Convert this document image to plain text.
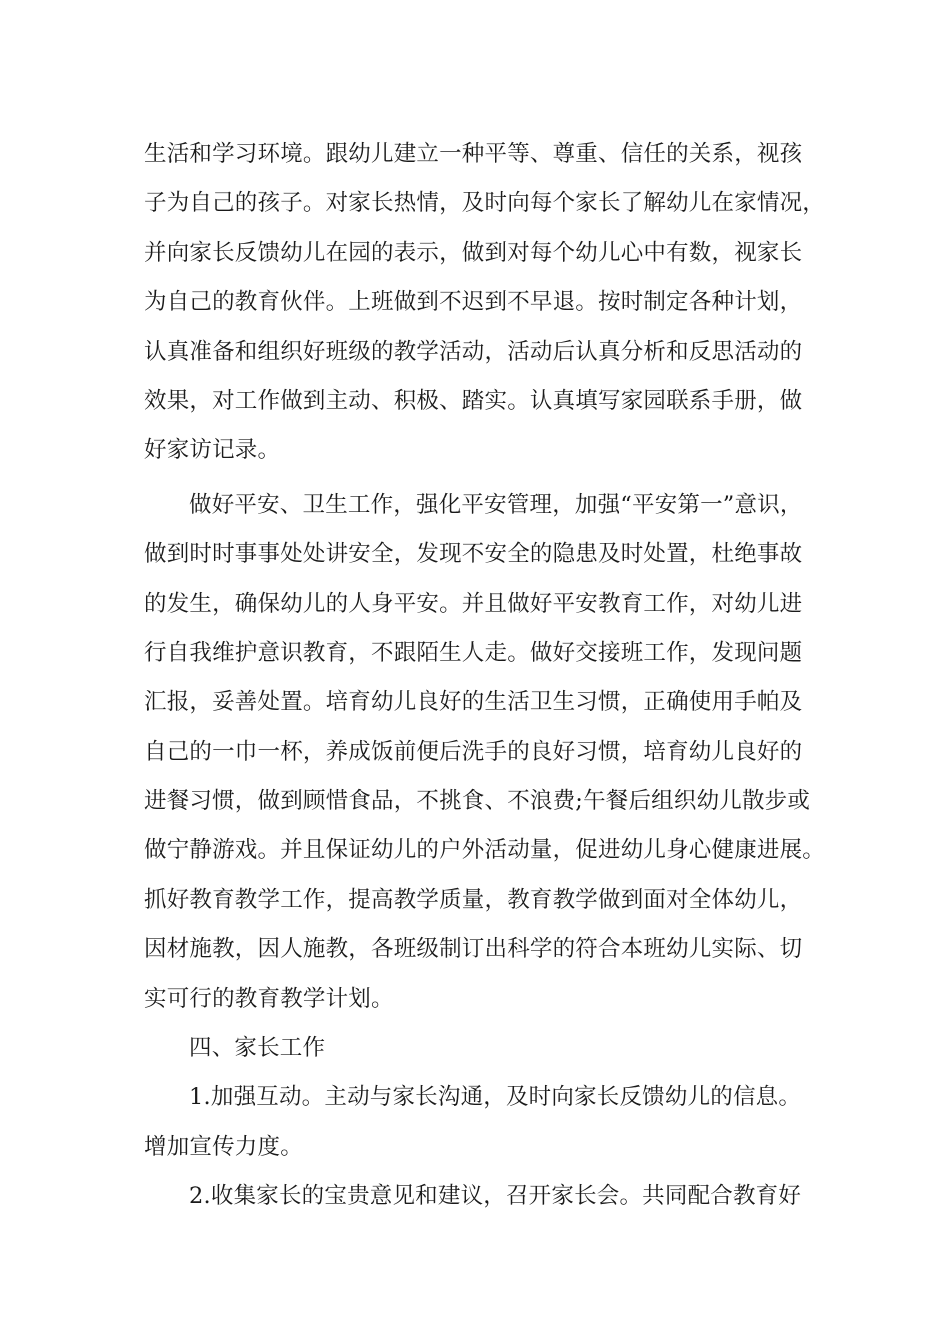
生活和学习环境。跟幼儿建立一种平等、尊重、信任的关系，视孩
子为自己的孩子。对家长热情，及时向每个家长了解幼儿在家情况，
并向家长反馈幼儿在园的表示，做到对每个幼儿心中有数，视家长
为自己的教育伙伴。上班做到不迟到不早退。按时制定各种计划，
认真准备和组织好班级的教学活动，活动后认真分析和反思活动的
效果，对工作做到主动、积极、踏实。认真填写家园联系手册，做
好家访记录。
做好平安、卫生工作，强化平安管理，加强“平安第一”意识，
做到时时事事处处讲安全，发现不安全的隐患及时处置，杜绝事故
的发生，确保幼儿的人身平安。并且做好平安教育工作，对幼儿进
行自我维护意识教育，不跟陌生人走。做好交接班工作，发现问题
汇报，妥善处置。培育幼儿良好的生活卫生习惯，正确使用手帕及
自己的一巾一杯，养成饭前便后洗手的良好习惯，培育幼儿良好的
进餐习惯，做到顾惜食品，不挑食、不浪费;午餐后组织幼儿散步或
做宁静游戏。并且保证幼儿的户外活动量，促进幼儿身心健康进展。
抓好教育教学工作，提高教学质量，教育教学做到面对全体幼儿，
因材施教，因人施教，各班级制订出科学的符合本班幼儿实际、切
实可行的教育教学计划。
四、家长工作
1.加强互动。主动与家长沟通，及时向家长反馈幼儿的信息。
增加宣传力度。
2.收集家长的宝贵意见和建议，召开家长会。共同配合教育好
